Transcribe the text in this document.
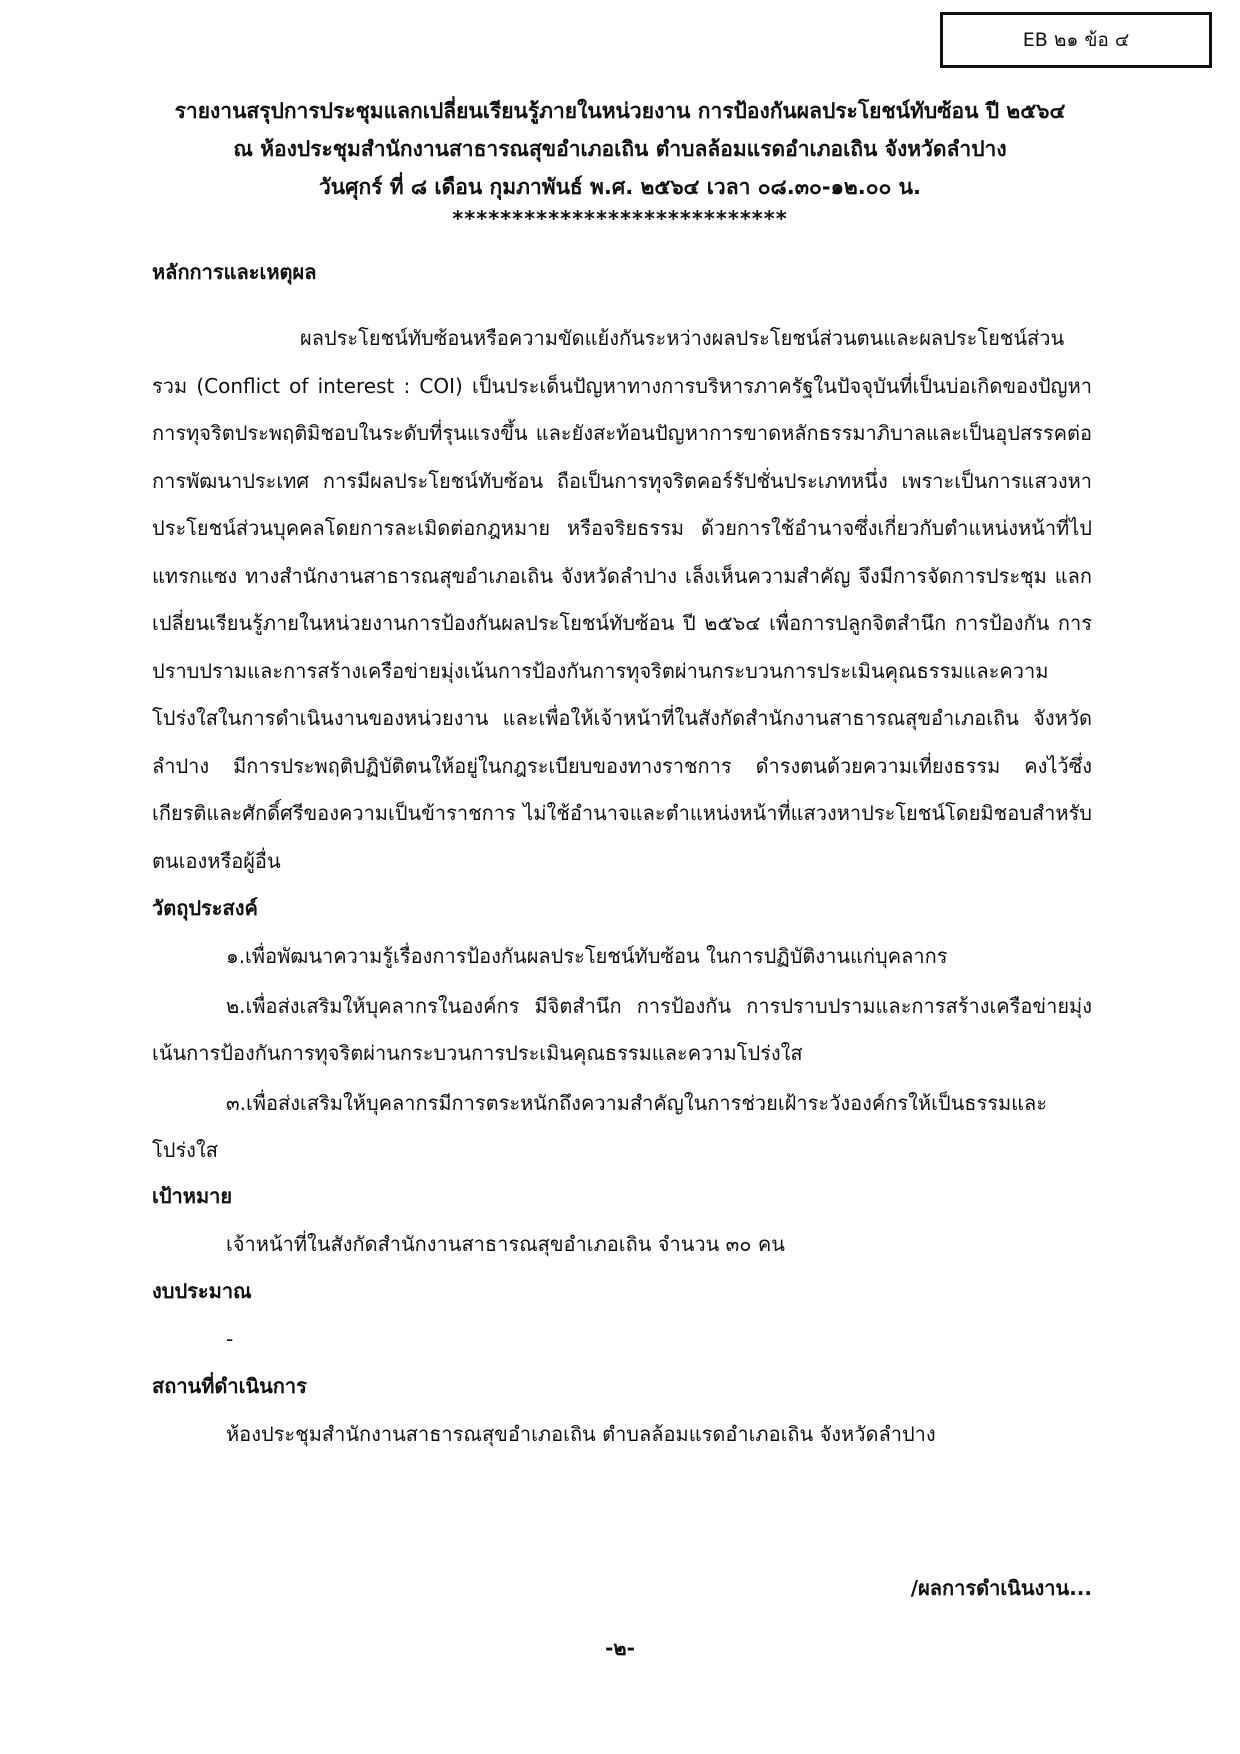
EB ๒๑ ข้อ ๔
รายงานสรุปการประชุมแลกเปลี่ยนเรียนรู้ภายในหน่วยงาน การป้องกันผลประโยชน์ทับซ้อน ปี ๒๕๖๔
ณ ห้องประชุมสำนักงานสาธารณสุขอำเภอเถิน ตำบลล้อมแรดอำเภอเถิน จังหวัดลำปาง
วันศุกร์ ที่ ๘ เดือน กุมภาพันธ์ พ.ศ. ๒๕๖๔ เวลา ๐๘.๓๐-๑๒.๐๐ น.
****************************

หลักการและเหตุผล

ผลประโยชน์ทับซ้อนหรือความขัดแย้งกันระหว่างผลประโยชน์ส่วนตนและผลประโยชน์ส่วนรวม (Conflict of interest : COI) เป็นประเด็นปัญหาทางการบริหารภาครัฐในปัจจุบันที่เป็นบ่อเกิดของปัญหาการทุจริตประพฤติมิชอบในระดับที่รุนแรงขึ้น และยังสะท้อนปัญหาการขาดหลักธรรมาภิบาลและเป็นอุปสรรคต่อการพัฒนาประเทศ การมีผลประโยชน์ทับซ้อน ถือเป็นการทุจริตคอร์รัปชั่นประเภทหนึ่ง เพราะเป็นการแสวงหาประโยชน์ส่วนบุคคลโดยการละเมิดต่อกฎหมาย หรือจริยธรรม ด้วยการใช้อำนาจซึ่งเกี่ยวกับตำแหน่งหน้าที่ไปแทรกแซง ทางสำนักงานสาธารณสุขอำเภอเถิน จังหวัดลำปาง เล็งเห็นความสำคัญ จึงมีการจัดการประชุม แลกเปลี่ยนเรียนรู้ภายในหน่วยงานการป้องกันผลประโยชน์ทับซ้อน ปี ๒๕๖๔ เพื่อการปลูกจิตสำนึก การป้องกัน การปราบปรามและการสร้างเครือข่ายมุ่งเน้นการป้องกันการทุจริตผ่านกระบวนการประเมินคุณธรรมและความโปร่งใสในการดำเนินงานของหน่วยงาน และเพื่อให้เจ้าหน้าที่ในสังกัดสำนักงานสาธารณสุขอำเภอเถิน จังหวัดลำปาง มีการประพฤติปฏิบัติตนให้อยู่ในกฎระเบียบของทางราชการ ดำรงตนด้วยความเที่ยงธรรม คงไว้ซึ่งเกียรติและศักดิ์ศรีของความเป็นข้าราชการ ไม่ใช้อำนาจและตำแหน่งหน้าที่แสวงหาประโยชน์โดยมิชอบสำหรับตนเองหรือผู้อื่น

วัตถุประสงค์

๑.เพื่อพัฒนาความรู้เรื่องการป้องกันผลประโยชน์ทับซ้อน ในการปฏิบัติงานแก่บุคลากร

๒.เพื่อส่งเสริมให้บุคลากรในองค์กร มีจิตสำนึก การป้องกัน การปราบปรามและการสร้างเครือข่ายมุ่งเน้นการป้องกันการทุจริตผ่านกระบวนการประเมินคุณธรรมและความโปร่งใส

๓.เพื่อส่งเสริมให้บุคลากรมีการตระหนักถึงความสำคัญในการช่วยเฝ้าระวังองค์กรให้เป็นธรรมและโปร่งใส

เป้าหมาย

เจ้าหน้าที่ในสังกัดสำนักงานสาธารณสุขอำเภอเถิน จำนวน ๓๐ คน

งบประมาณ

-

สถานที่ดำเนินการ

ห้องประชุมสำนักงานสาธารณสุขอำเภอเถิน ตำบลล้อมแรดอำเภอเถิน จังหวัดลำปาง

/ผลการดำเนินงาน...
-๒-
